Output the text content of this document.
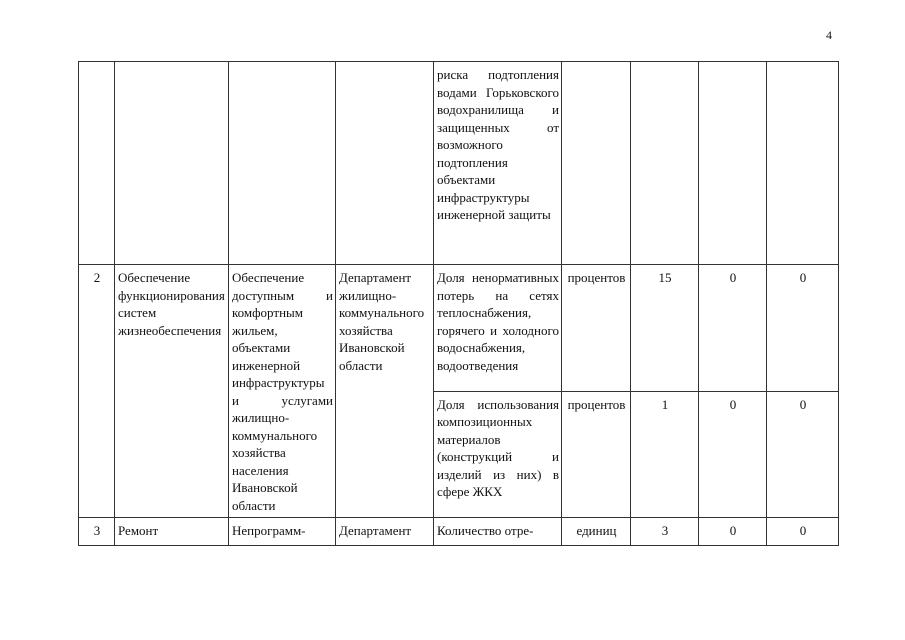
4
				риска подтопления водами Горьковского водохранилища и защищенных от возможного подтопления объектами инфраструктуры инженерной защиты				
2	Обеспечение функционирования систем жизнеобеспечения	Обеспечение доступным и комфортным жильем, объектами инженерной инфраструктуры и услугами жилищно-коммунального хозяйства населения Ивановской области	Департамент жилищно-коммунального хозяйства Ивановской области	Доля ненормативных потерь на сетях теплоснабжения, горячего и холодного водоснабжения, водоотведения	процентов	15	0	0
				Доля использования композиционных материалов (конструкций и изделий из них) в сфере ЖКХ	процентов	1	0	0
3	Ремонт	Непрограмм-	Департамент	Количество отре-	единиц	3	0	0
